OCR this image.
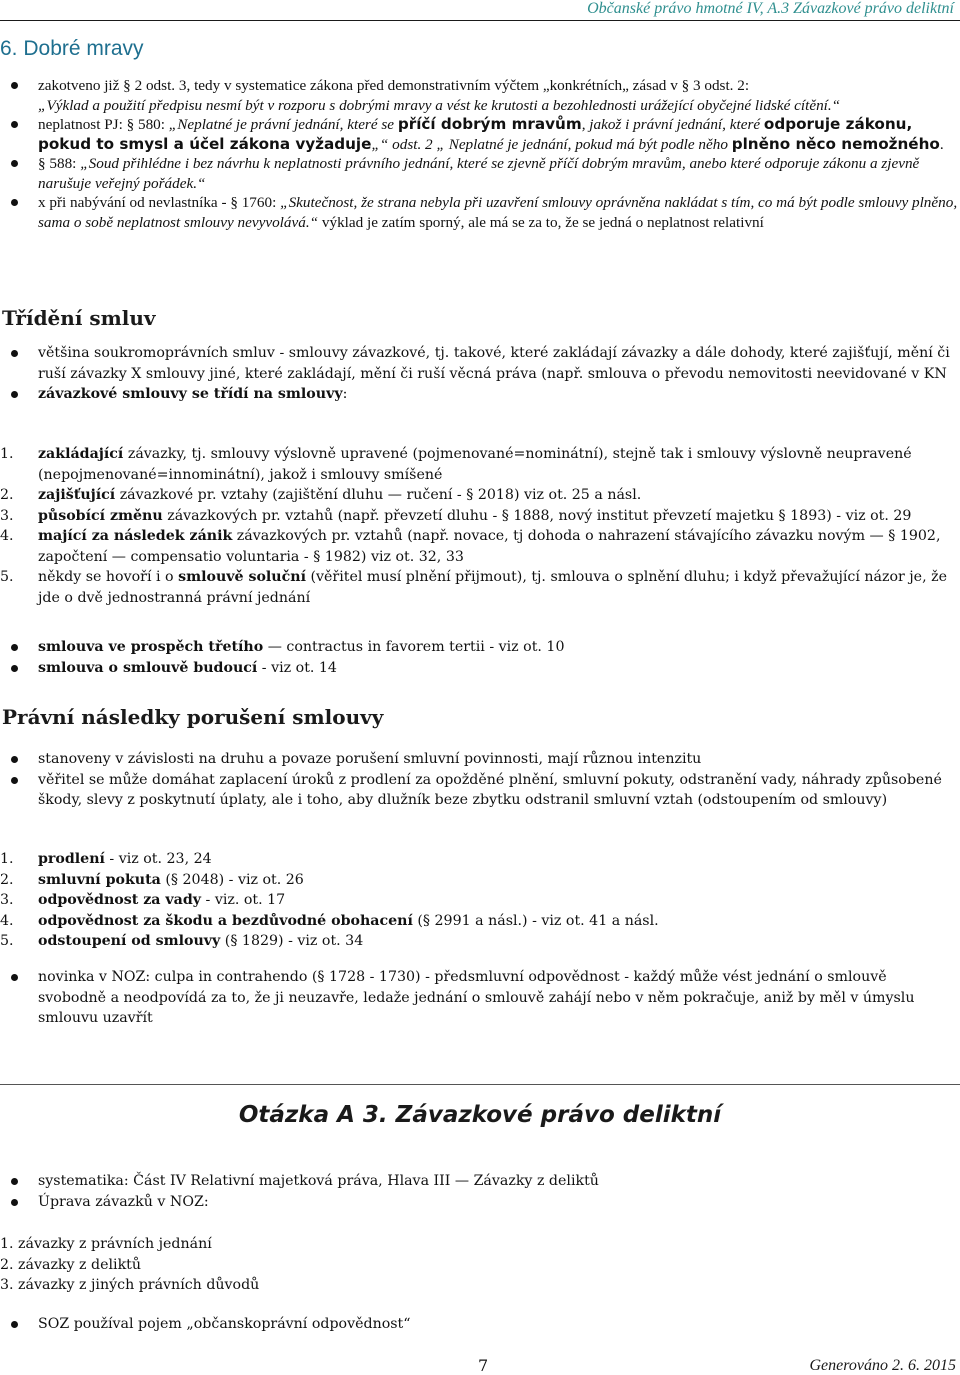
Občanské právo hmotné IV, A.3 Závazkové právo deliktní
6. Dobré mravy
zakotveno již § 2 odst. 3, tedy v systematice zákona před demonstrativním výčtem „konkrétních„ zásad v § 3 odst. 2:
„Výklad a použití předpisu nesmí být v rozporu s dobrými mravy a vést ke krutosti a bezohlednosti urážející obyčejné lidské cítění.“
neplatnost PJ: § 580: „Neplatné je právní jednání, které se příčí dobrým mravům, jakož i právní jednání, které odporuje zákonu, pokud to smysl a účel zákona vyžaduje„“ odst. 2 „ Neplatné je jednání, pokud má být podle něho plněno něco nemožného.
§ 588: „Soud přihlédne i bez návrhu k neplatnosti právního jednání, které se zjevně příčí dobrým mravům, anebo které odporuje zákonu a zjevně narušuje veřejný pořádek.“
x při nabývání od nevlastníka - § 1760: „Skutečnost, že strana nebyla při uzavření smlouvy oprávněna nakládat s tím, co má být podle smlouvy plněno, sama o sobě neplatnost smlouvy nevyvolává.“ výklad je zatím sporný, ale má se za to, že se jedná o neplatnost relativní
Třídění smluv
většina soukromoprávních smluv - smlouvy závazkové, tj. takové, které zakládají závazky a dále dohody, které zajišťují, mění či ruší závazky X smlouvy jiné, které zakládají, mění či ruší věcná práva (např. smlouva o převodu nemovitosti neevidované v KN
závazkové smlouvy se třídí na smlouvy:
1. zakládající závazky, tj. smlouvy výslovně upravené (pojmenované=nominátní), stejně tak i smlouvy výslovně neupravené (nepojmenované=innominátní), jakož i smlouvy smíšené
2. zajišťující závazkové pr. vztahy (zajištění dluhu — ručení - § 2018) viz ot. 25 a násl.
3. působící změnu závazkových pr. vztahů (např. převzetí dluhu - § 1888, nový institut převzetí majetku § 1893) - viz ot. 29
4. mající za následek zánik závazkových pr. vztahů (např. novace, tj dohoda o nahrazení stávajícího závazku novým — § 1902, započtení — compensatio voluntaria - § 1982) viz ot. 32, 33
5. někdy se hovoří i o smlouvě soluční (věřitel musí plnění přijmout), tj. smlouva o splnění dluhu; i když převažující názor je, že jde o dvě jednostranná právní jednání
smlouva ve prospěch třetího — contractus in favorem tertii - viz ot. 10
smlouva o smlouvě budoucí - viz ot. 14
Právní následky porušení smlouvy
stanoveny v závislosti na druhu a povaze porušení smluvní povinnosti, mají různou intenzitu
věřitel se může domáhat zaplacení úroků z prodlení za opožděné plnění, smluvní pokuty, odstranění vady, náhrady způsobené škody, slevy z poskytnutí úplaty, ale i toho, aby dlužník beze zbytku odstranil smluvní vztah (odstoupením od smlouvy)
1. prodlení - viz ot. 23, 24
2. smluvní pokuta (§ 2048) - viz ot. 26
3. odpovědnost za vady - viz. ot. 17
4. odpovědnost za škodu a bezdůvodné obohacení (§ 2991 a násl.) - viz ot. 41 a násl.
5. odstoupení od smlouvy (§ 1829) - viz ot. 34
novinka v NOZ: culpa in contrahendo (§ 1728 - 1730) - předsmluvní odpovědnost - každý může vést jednání o smlouvě svobodně a neodpovídá za to, že ji neuzavře, ledaže jednání o smlouvě zahájí nebo v něm pokračuje, aniž by měl v úmyslu smlouvu uzavřít
Otázka A 3. Závazkové právo deliktní
systematika: Část IV Relativní majetková práva, Hlava III — Závazky z deliktů
Úprava závazků v NOZ:
1. závazky z právních jednání
2. závazky z deliktů
3. závazky z jiných právních důvodů
SOZ používal pojem „občanskoprávní odpovědnost“
7	Generováno 2. 6. 2015
